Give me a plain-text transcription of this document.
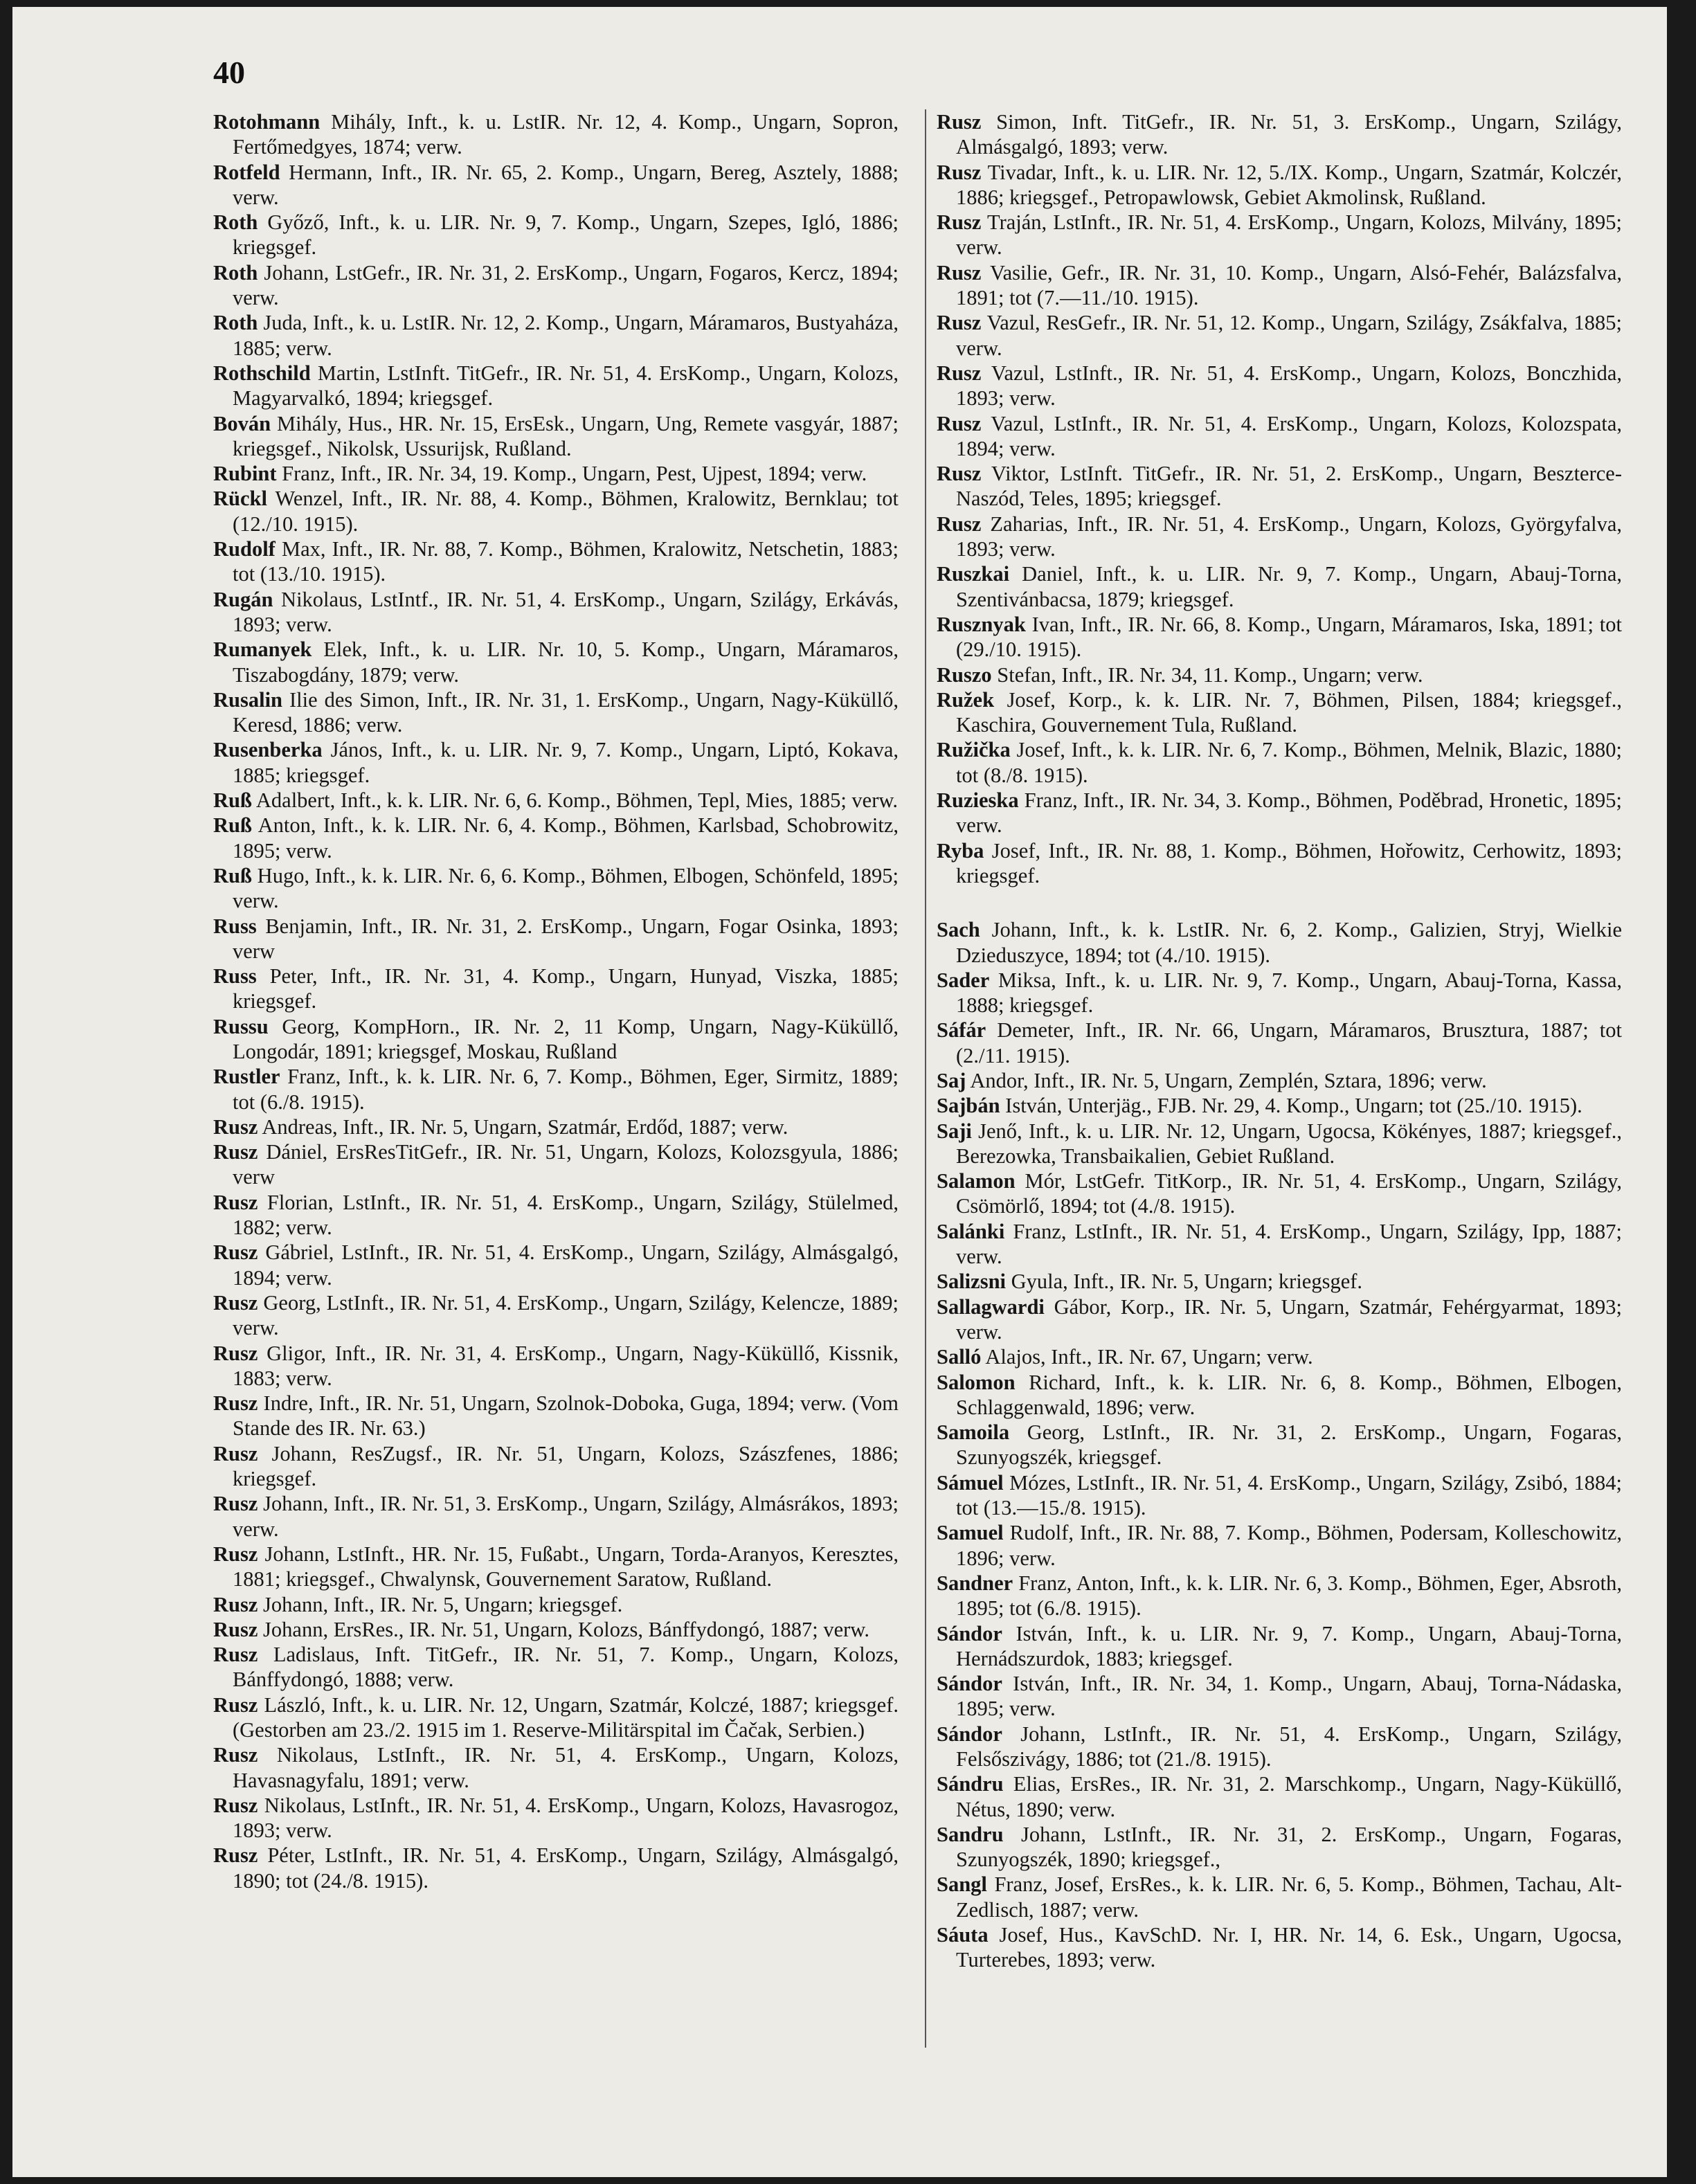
40

Rotohmann Mihály, Inft., k. u. LstIR. Nr. 12, 4. Komp., Ungarn, Sopron, Fertőmedgyes, 1874; verw.

Rotfeld Hermann, Inft., IR. Nr. 65, 2. Komp., Ungarn, Bereg, Asztely, 1888; verw.

Roth Győző, Inft., k. u. LIR. Nr. 9, 7. Komp., Ungarn, Szepes, Igló, 1886; kriegsgef.

Roth Johann, LstGefr., IR. Nr. 31, 2. ErsKomp., Ungarn, Fogaros, Kercz, 1894; verw.

Roth Juda, Inft., k. u. LstIR. Nr. 12, 2. Komp., Ungarn, Máramaros, Bustyaháza, 1885; verw.

Rothschild Martin, LstInft. TitGefr., IR. Nr. 51, 4. ErsKomp., Ungarn, Kolozs, Magyarvalkó, 1894; kriegsgef.

Bován Mihály, Hus., HR. Nr. 15, ErsEsk., Ungarn, Ung, Remete vasgyár, 1887; kriegsgef., Nikolsk, Ussurijsk, Rußland.

Rubint Franz, Inft., IR. Nr. 34, 19. Komp., Ungarn, Pest, Ujpest, 1894; verw.

Rückl Wenzel, Inft., IR. Nr. 88, 4. Komp., Böhmen, Kralowitz, Bernklau; tot (12./10. 1915).

Rudolf Max, Inft., IR. Nr. 88, 7. Komp., Böhmen, Kralowitz, Netschetin, 1883; tot (13./10. 1915).

Rugán Nikolaus, LstIntf., IR. Nr. 51, 4. ErsKomp., Ungarn, Szilágy, Erkávás, 1893; verw.

Rumanyek Elek, Inft., k. u. LIR. Nr. 10, 5. Komp., Ungarn, Máramaros, Tiszabogdány, 1879; verw.

Rusalin Ilie des Simon, Inft., IR. Nr. 31, 1. ErsKomp., Ungarn, Nagy-Küküllő, Keresd, 1886; verw.

Rusenberka János, Inft., k. u. LIR. Nr. 9, 7. Komp., Ungarn, Liptó, Kokava, 1885; kriegsgef.

Ruß Adalbert, Inft., k. k. LIR. Nr. 6, 6. Komp., Böhmen, Tepl, Mies, 1885; verw.

Ruß Anton, Inft., k. k. LIR. Nr. 6, 4. Komp., Böhmen, Karlsbad, Schobrowitz, 1895; verw.

Ruß Hugo, Inft., k. k. LIR. Nr. 6, 6. Komp., Böhmen, Elbogen, Schönfeld, 1895; verw.

Russ Benjamin, Inft., IR. Nr. 31, 2. ErsKomp., Ungarn, Fogar Osinka, 1893; verw

Russ Peter, Inft., IR. Nr. 31, 4. Komp., Ungarn, Hunyad, Viszka, 1885; kriegsgef.

Russu Georg, KompHorn., IR. Nr. 2, 11 Komp, Ungarn, Nagy-Küküllő, Longodár, 1891; kriegsgef, Moskau, Rußland

Rustler Franz, Inft., k. k. LIR. Nr. 6, 7. Komp., Böhmen, Eger, Sirmitz, 1889; tot (6./8. 1915).

Rusz Andreas, Inft., IR. Nr. 5, Ungarn, Szatmár, Erdőd, 1887; verw.

Rusz Dániel, ErsResTitGefr., IR. Nr. 51, Ungarn, Kolozs, Kolozsgyula, 1886; verw

Rusz Florian, LstInft., IR. Nr. 51, 4. ErsKomp., Ungarn, Szilágy, Stülelmed, 1882; verw.

Rusz Gábriel, LstInft., IR. Nr. 51, 4. ErsKomp., Ungarn, Szilágy, Almásgalgó, 1894; verw.

Rusz Georg, LstInft., IR. Nr. 51, 4. ErsKomp., Ungarn, Szilágy, Kelencze, 1889; verw.

Rusz Gligor, Inft., IR. Nr. 31, 4. ErsKomp., Ungarn, Nagy-Küküllő, Kissnik, 1883; verw.

Rusz Indre, Inft., IR. Nr. 51, Ungarn, Szolnok-Doboka, Guga, 1894; verw. (Vom Stande des IR. Nr. 63.)

Rusz Johann, ResZugsf., IR. Nr. 51, Ungarn, Kolozs, Szászfenes, 1886; kriegsgef.

Rusz Johann, Inft., IR. Nr. 51, 3. ErsKomp., Ungarn, Szilágy, Almásrákos, 1893; verw.

Rusz Johann, LstInft., HR. Nr. 15, Fußabt., Ungarn, Torda-Aranyos, Keresztes, 1881; kriegsgef., Chwalynsk, Gouvernement Saratow, Rußland.

Rusz Johann, Inft., IR. Nr. 5, Ungarn; kriegsgef.

Rusz Johann, ErsRes., IR. Nr. 51, Ungarn, Kolozs, Bánffydongó, 1887; verw.

Rusz Ladislaus, Inft. TitGefr., IR. Nr. 51, 7. Komp., Ungarn, Kolozs, Bánffydongó, 1888; verw.

Rusz László, Inft., k. u. LIR. Nr. 12, Ungarn, Szatmár, Kolczé, 1887; kriegsgef. (Gestorben am 23./2. 1915 im 1. Reserve-Militärspital im Čačak, Serbien.)

Rusz Nikolaus, LstInft., IR. Nr. 51, 4. ErsKomp., Ungarn, Kolozs, Havasnagyfalu, 1891; verw.

Rusz Nikolaus, LstInft., IR. Nr. 51, 4. ErsKomp., Ungarn, Kolozs, Havasrogoz, 1893; verw.

Rusz Péter, LstInft., IR. Nr. 51, 4. ErsKomp., Ungarn, Szilágy, Almásgalgó, 1890; tot (24./8. 1915).

Rusz Simon, Inft. TitGefr., IR. Nr. 51, 3. ErsKomp., Ungarn, Szilágy, Almásgalgó, 1893; verw.

Rusz Tivadar, Inft., k. u. LIR. Nr. 12, 5./IX. Komp., Ungarn, Szatmár, Kolczér, 1886; kriegsgef., Petropawlowsk, Gebiet Akmolinsk, Rußland.

Rusz Traján, LstInft., IR. Nr. 51, 4. ErsKomp., Ungarn, Kolozs, Milvány, 1895; verw.

Rusz Vasilie, Gefr., IR. Nr. 31, 10. Komp., Ungarn, Alsó-Fehér, Balázsfalva, 1891; tot (7.—11./10. 1915).

Rusz Vazul, ResGefr., IR. Nr. 51, 12. Komp., Ungarn, Szilágy, Zsákfalva, 1885; verw.

Rusz Vazul, LstInft., IR. Nr. 51, 4. ErsKomp., Ungarn, Kolozs, Bonczhida, 1893; verw.

Rusz Vazul, LstInft., IR. Nr. 51, 4. ErsKomp., Ungarn, Kolozs, Kolozspata, 1894; verw.

Rusz Viktor, LstInft. TitGefr., IR. Nr. 51, 2. ErsKomp., Ungarn, Beszterce-Naszód, Teles, 1895; kriegsgef.

Rusz Zaharias, Inft., IR. Nr. 51, 4. ErsKomp., Ungarn, Kolozs, Györgyfalva, 1893; verw.

Ruszkai Daniel, Inft., k. u. LIR. Nr. 9, 7. Komp., Ungarn, Abauj-Torna, Szentivánbacsa, 1879; kriegsgef.

Rusznyak Ivan, Inft., IR. Nr. 66, 8. Komp., Ungarn, Máramaros, Iska, 1891; tot (29./10. 1915).

Ruszo Stefan, Inft., IR. Nr. 34, 11. Komp., Ungarn; verw.

Ružek Josef, Korp., k. k. LIR. Nr. 7, Böhmen, Pilsen, 1884; kriegsgef., Kaschira, Gouvernement Tula, Rußland.

Ružička Josef, Inft., k. k. LIR. Nr. 6, 7. Komp., Böhmen, Melnik, Blazic, 1880; tot (8./8. 1915).

Ruzieska Franz, Inft., IR. Nr. 34, 3. Komp., Böhmen, Poděbrad, Hronetic, 1895; verw.

Ryba Josef, Inft., IR. Nr. 88, 1. Komp., Böhmen, Hořowitz, Cerhowitz, 1893; kriegsgef.

Sach Johann, Inft., k. k. LstIR. Nr. 6, 2. Komp., Galizien, Stryj, Wielkie Dzieduszyce, 1894; tot (4./10. 1915).

Sader Miksa, Inft., k. u. LIR. Nr. 9, 7. Komp., Ungarn, Abauj-Torna, Kassa, 1888; kriegsgef.

Sáfár Demeter, Inft., IR. Nr. 66, Ungarn, Máramaros, Brusztura, 1887; tot (2./11. 1915).

Saj Andor, Inft., IR. Nr. 5, Ungarn, Zemplén, Sztara, 1896; verw.

Sajbán István, Unterjäg., FJB. Nr. 29, 4. Komp., Ungarn; tot (25./10. 1915).

Saji Jenő, Inft., k. u. LIR. Nr. 12, Ungarn, Ugocsa, Kökényes, 1887; kriegsgef., Berezowka, Transbaikalien, Gebiet Rußland.

Salamon Mór, LstGefr. TitKorp., IR. Nr. 51, 4. ErsKomp., Ungarn, Szilágy, Csömörlő, 1894; tot (4./8. 1915).

Salánki Franz, LstInft., IR. Nr. 51, 4. ErsKomp., Ungarn, Szilágy, Ipp, 1887; verw.

Salizsni Gyula, Inft., IR. Nr. 5, Ungarn; kriegsgef.

Sallagwardi Gábor, Korp., IR. Nr. 5, Ungarn, Szatmár, Fehérgyarmat, 1893; verw.

Salló Alajos, Inft., IR. Nr. 67, Ungarn; verw.

Salomon Richard, Inft., k. k. LIR. Nr. 6, 8. Komp., Böhmen, Elbogen, Schlaggenwald, 1896; verw.

Samoila Georg, LstInft., IR. Nr. 31, 2. ErsKomp., Ungarn, Fogaras, Szunyogszék, kriegsgef.

Sámuel Mózes, LstInft., IR. Nr. 51, 4. ErsKomp., Ungarn, Szilágy, Zsibó, 1884; tot (13.—15./8. 1915).

Samuel Rudolf, Inft., IR. Nr. 88, 7. Komp., Böhmen, Podersam, Kolleschowitz, 1896; verw.

Sandner Franz, Anton, Inft., k. k. LIR. Nr. 6, 3. Komp., Böhmen, Eger, Absroth, 1895; tot (6./8. 1915).

Sándor István, Inft., k. u. LIR. Nr. 9, 7. Komp., Ungarn, Abauj-Torna, Hernádszurdok, 1883; kriegsgef.

Sándor István, Inft., IR. Nr. 34, 1. Komp., Ungarn, Abauj, Torna-Nádaska, 1895; verw.

Sándor Johann, LstInft., IR. Nr. 51, 4. ErsKomp., Ungarn, Szilágy, Felsőszivágy, 1886; tot (21./8. 1915).

Sándru Elias, ErsRes., IR. Nr. 31, 2. Marschkomp., Ungarn, Nagy-Küküllő, Nétus, 1890; verw.

Sandru Johann, LstInft., IR. Nr. 31, 2. ErsKomp., Ungarn, Fogaras, Szunyogszék, 1890; kriegsgef.,

Sangl Franz, Josef, ErsRes., k. k. LIR. Nr. 6, 5. Komp., Böhmen, Tachau, Alt-Zedlisch, 1887; verw.

Sáuta Josef, Hus., KavSchD. Nr. I, HR. Nr. 14, 6. Esk., Ungarn, Ugocsa, Turterebes, 1893; verw.
